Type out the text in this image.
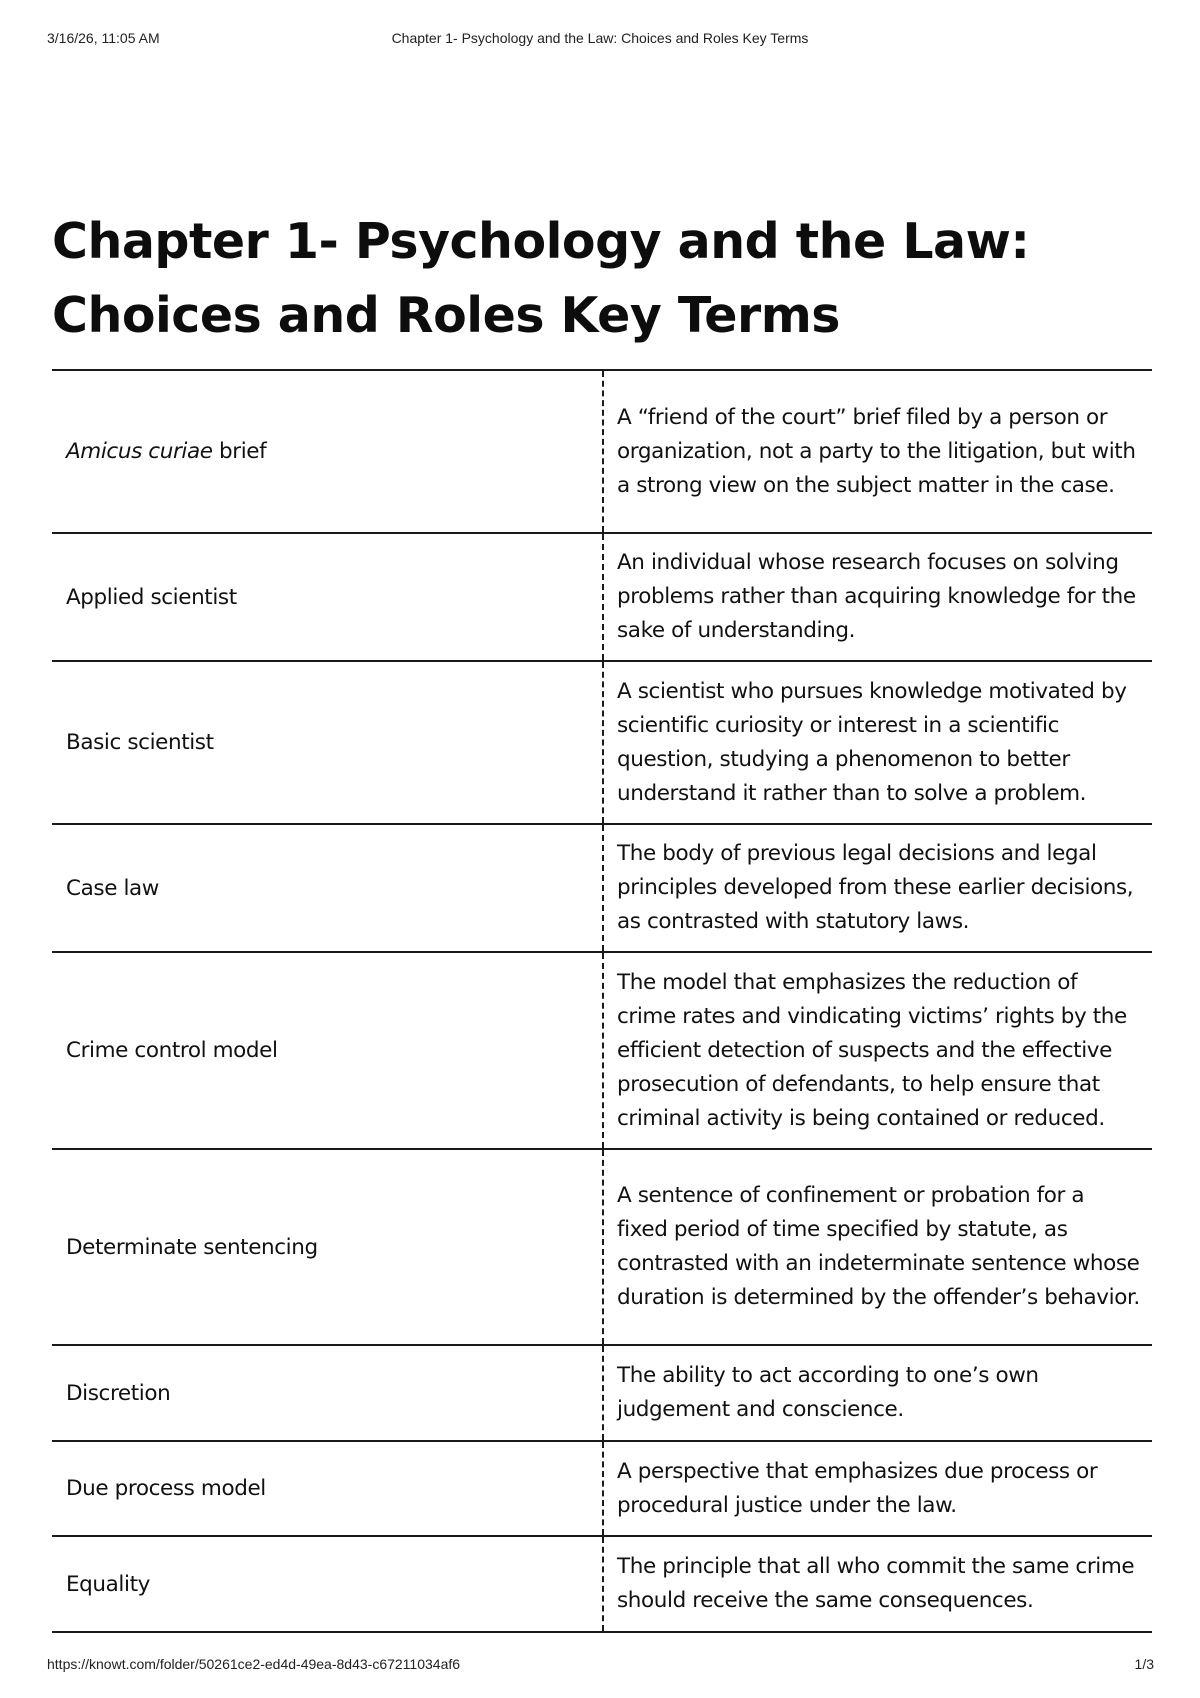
3/16/26, 11:05 AM	Chapter 1- Psychology and the Law: Choices and Roles Key Terms
Chapter 1- Psychology and the Law:
Choices and Roles Key Terms
Amicus curiae brief	A “friend of the court” brief filed by a person or organization, not a party to the litigation, but with a strong view on the subject matter in the case.
Applied scientist	An individual whose research focuses on solving problems rather than acquiring knowledge for the sake of understanding.
Basic scientist	A scientist who pursues knowledge motivated by scientific curiosity or interest in a scientific question, studying a phenomenon to better understand it rather than to solve a problem.
Case law	The body of previous legal decisions and legal principles developed from these earlier decisions, as contrasted with statutory laws.
Crime control model	The model that emphasizes the reduction of crime rates and vindicating victims’ rights by the efficient detection of suspects and the effective prosecution of defendants, to help ensure that criminal activity is being contained or reduced.
Determinate sentencing	A sentence of confinement or probation for a fixed period of time specified by statute, as contrasted with an indeterminate sentence whose duration is determined by the offender’s behavior.
Discretion	The ability to act according to one’s own judgement and conscience.
Due process model	A perspective that emphasizes due process or procedural justice under the law.
Equality	The principle that all who commit the same crime should receive the same consequences.
https://knowt.com/folder/50261ce2-ed4d-49ea-8d43-c67211034af6	1/3
